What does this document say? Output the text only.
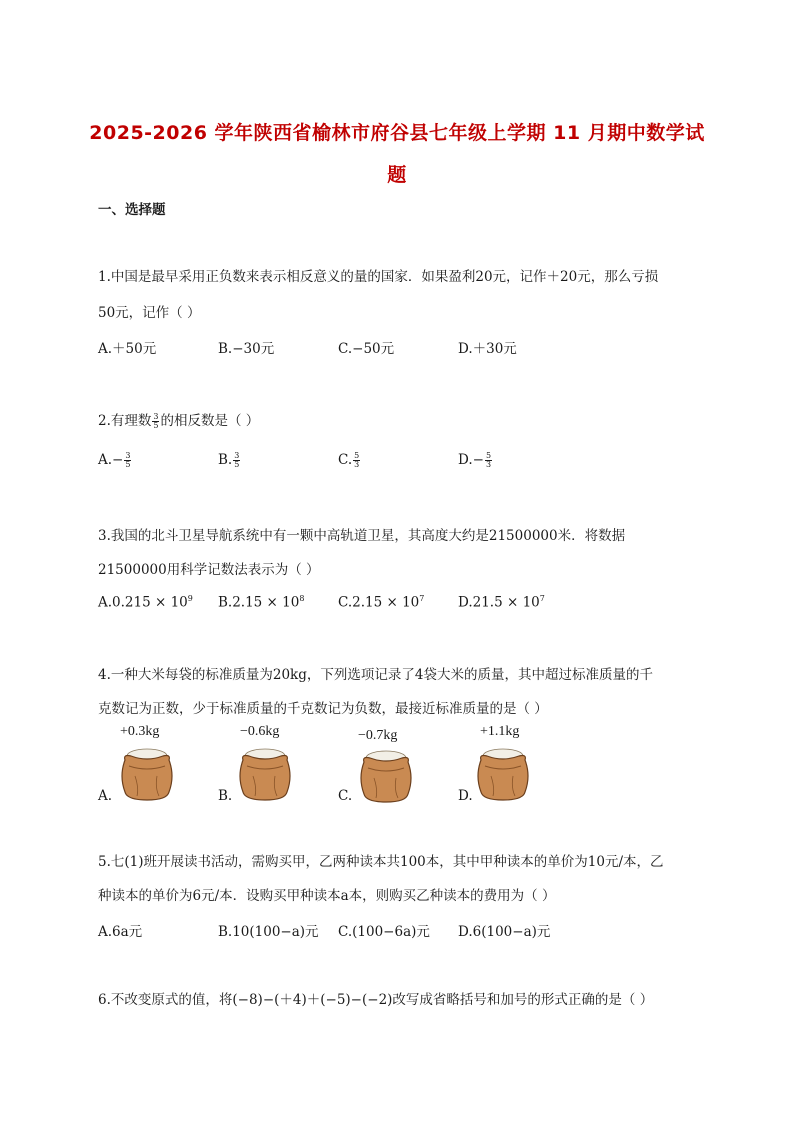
2025-2026 学年陕西省榆林市府谷县七年级上学期 11 月期中数学试
题
一、选择题
1.中国是最早采用正负数来表示相反意义的量的国家．如果盈利20元，记作＋20元，那么亏损
50元，记作（ ）
A.＋50元	B.−30元	C.−50元	D.＋30元
2.有理数 $\frac{3}{5}$ 的相反数是（ ）
$A.- \frac{3}{5}$	B. $\frac{3}{5}$	C. $\frac{5}{3}$	$D.- \frac{5}{3}$
3.我国的北斗卫星导航系统中有一颗中高轨道卫星，其高度大约是21500000米．将数据
21500000用科学记数法表示为（ ）
$A.0.215 \times 10^9$ $B.2.15 \times 10^8$ $C.2.15 \times 10^7$ $D.21.5 \times 10^7$
4.一种大米每袋的标准质量为20kg，下列选项记录了4袋大米的质量，其中超过标准质量的千
克数记为正数，少于标准质量的千克数记为负数，最接近标准质量的是（ ）
+0.3kg	−0.6kg	−0.7kg	+1.1kg
A.	B.	C.	D.
5.七(1)班开展读书活动，需购买甲，乙两种读本共100本，其中甲种读本的单价为10元/本，乙
种读本的单价为6元/本．设购买甲种读本a本，则购买乙种读本的费用为（ ）
A.6a元	B.10(100−a)元 C.(100−6a)元 D.6(100−a)元
6.不改变原式的值，将(−8)−(＋4)＋(−5)−(−2)改写成省略括号和加号的形式正确的是（ ）
